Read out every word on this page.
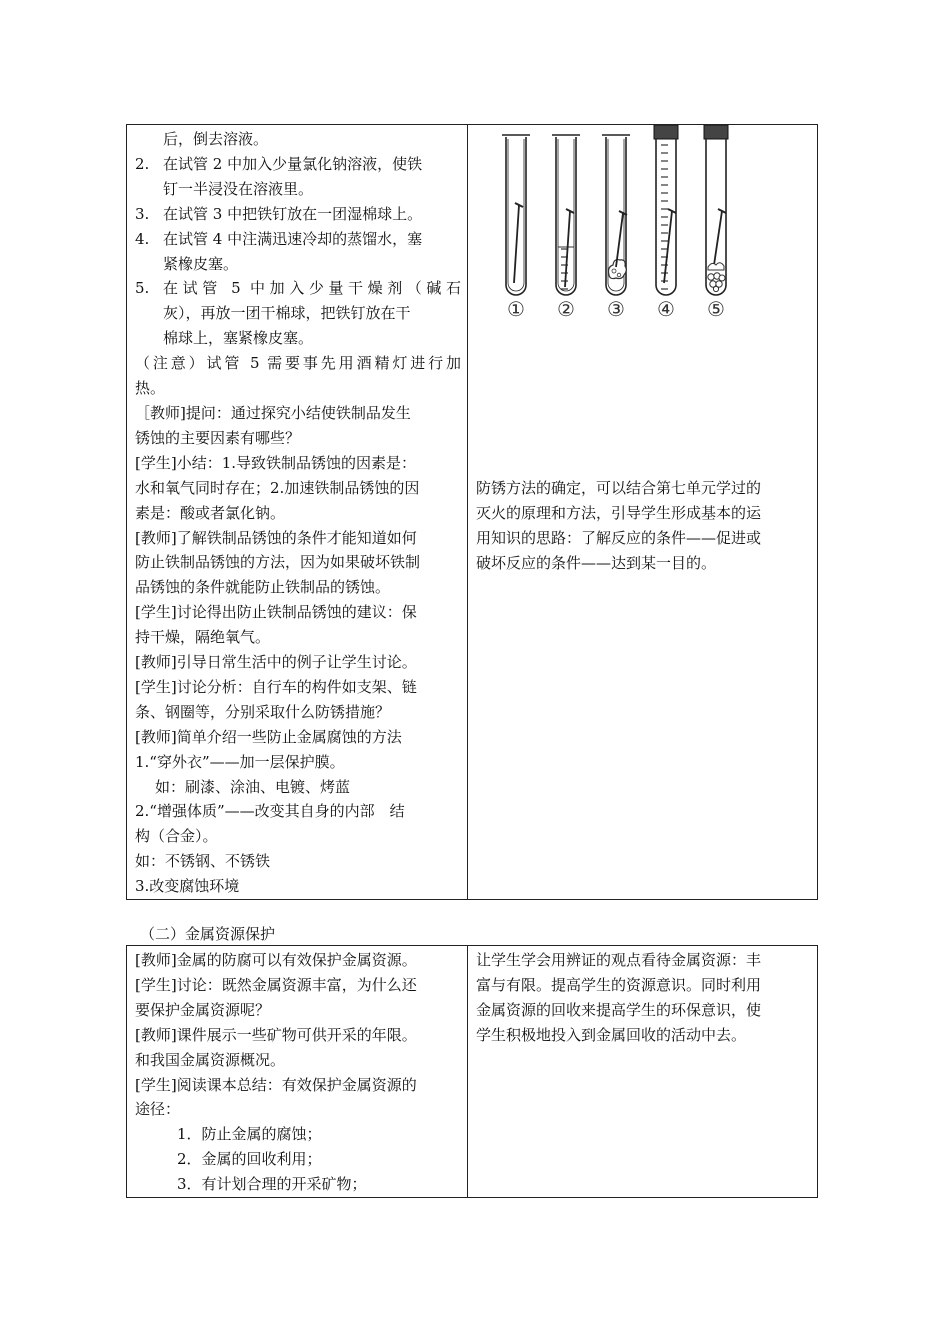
后，倒去溶液。
2. 在试管 2 中加入少量氯化钠溶液，使铁
钉一半浸没在溶液里。
3. 在试管 3 中把铁钉放在一团湿棉球上。
4. 在试管 4 中注满迅速冷却的蒸馏水，塞
紧橡皮塞。
5. 在试管 5 中加入少量干燥剂（碱石
灰），再放一团干棉球，把铁钉放在干
棉球上，塞紧橡皮塞。
（注意）试管 5 需要事先用酒精灯进行加
热。
［教师]提问：通过探究小结使铁制品发生
锈蚀的主要因素有哪些？
[学生]小结：1.导致铁制品锈蚀的因素是：
水和氧气同时存在；2.加速铁制品锈蚀的因
素是：酸或者氯化钠。
[教师]了解铁制品锈蚀的条件才能知道如何
防止铁制品锈蚀的方法，因为如果破坏铁制
品锈蚀的条件就能防止铁制品的锈蚀。
[学生]讨论得出防止铁制品锈蚀的建议：保
持干燥，隔绝氧气。
[教师]引导日常生活中的例子让学生讨论。
[学生]讨论分析：自行车的构件如支架、链
条、钢圈等，分别采取什么防锈措施？
[教师]简单介绍一些防止金属腐蚀的方法
1.“穿外衣”——加一层保护膜。
如：刷漆、涂油、电镀、烤蓝
2.“增强体质”——改变其自身的内部　结
构（合金）。
如：不锈钢、不锈铁
3.改变腐蚀环境

① ② ③ ④ ⑤
防锈方法的确定，可以结合第七单元学过的
灭火的原理和方法，引导学生形成基本的运
用知识的思路：了解反应的条件——促进或
破坏反应的条件——达到某一目的。
（二）金属资源保护
[教师]金属的防腐可以有效保护金属资源。
[学生]讨论：既然金属资源丰富，为什么还
要保护金属资源呢？
[教师]课件展示一些矿物可供开采的年限。
和我国金属资源概况。
[学生]阅读课本总结：有效保护金属资源的
途径：
1．防止金属的腐蚀；
2．金属的回收利用；
3．有计划合理的开采矿物；

让学生学会用辨证的观点看待金属资源：丰
富与有限。提高学生的资源意识。同时利用
金属资源的回收来提高学生的环保意识，使
学生积极地投入到金属回收的活动中去。
